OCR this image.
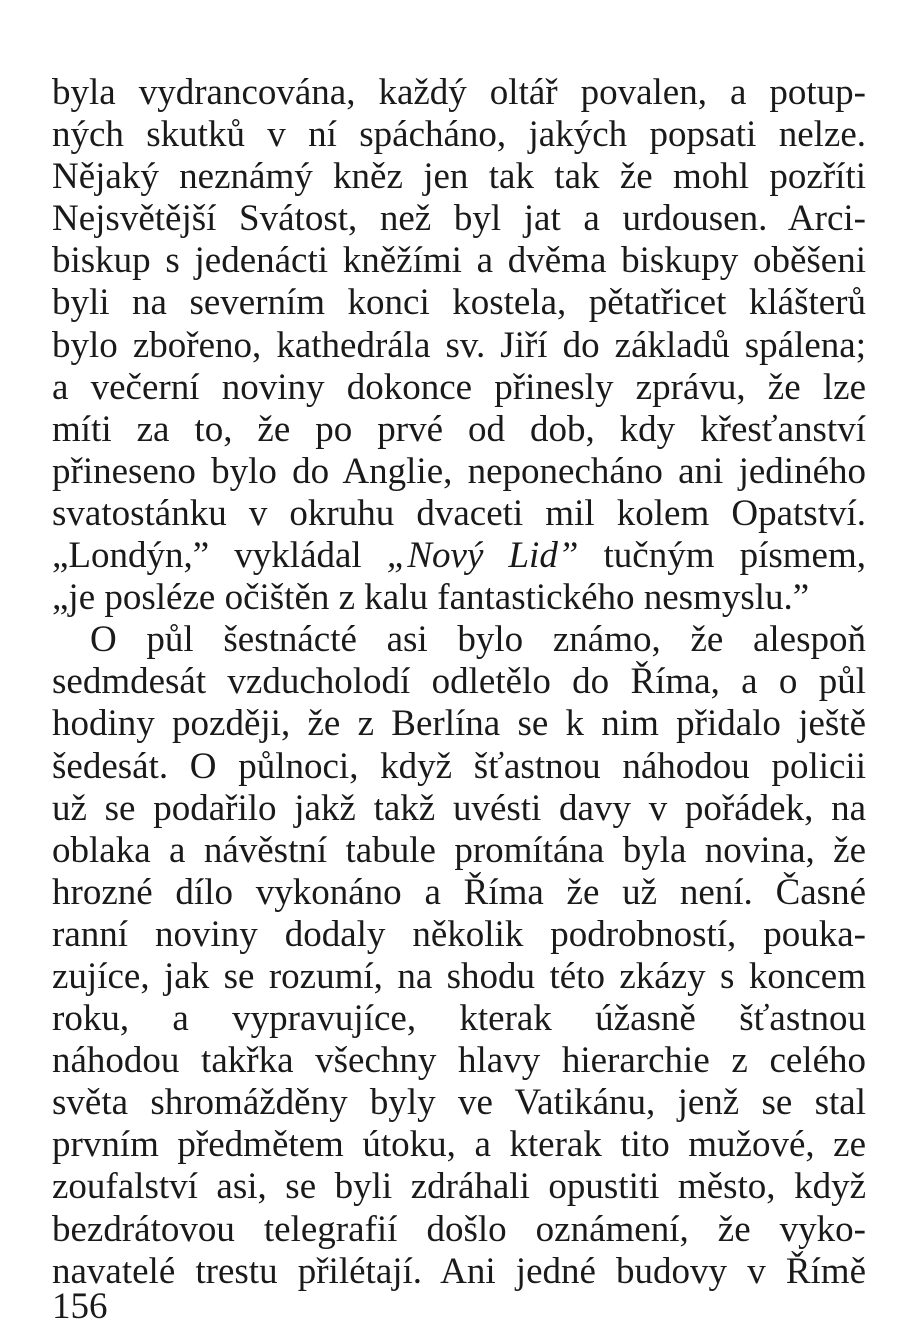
byla vydrancována, každý oltář povalen, a potup-
ných skutků v ní spácháno, jakých popsati nelze.
Nějaký neznámý kněz jen tak tak že mohl pozříti
Nejsvětější Svátost, než byl jat a urdousen. Arci-
biskup s jedenácti kněžími a dvěma biskupy oběšeni
byli na severním konci kostela, pětatřicet klášterů
bylo zbořeno, kathedrála sv. Jiří do základů spálena;
a večerní noviny dokonce přinesly zprávu, že lze
míti za to, že po prvé od dob, kdy křesťanství
přineseno bylo do Anglie, neponecháno ani jediného
svatostánku v okruhu dvaceti mil kolem Opatství.
„Londýn,” vykládal „Nový Lid” tučným písmem,
„je posléze očištěn z kalu fantastického nesmyslu.”
O půl šestnácté asi bylo známo, že alespoň
sedmdesát vzducholodí odletělo do Říma, a o půl
hodiny později, že z Berlína se k nim přidalo ještě
šedesát. O půlnoci, když šťastnou náhodou policii
už se podařilo jakž takž uvésti davy v pořádek, na
oblaka a návěstní tabule promítána byla novina, že
hrozné dílo vykonáno a Říma že už není. Časné
ranní noviny dodaly několik podrobností, pouka-
zujíce, jak se rozumí, na shodu této zkázy s koncem
roku, a vypravujíce, kterak úžasně šťastnou
náhodou takřka všechny hlavy hierarchie z celého
světa shromážděny byly ve Vatikánu, jenž se stal
prvním předmětem útoku, a kterak tito mužové, ze
zoufalství asi, se byli zdráhali opustiti město, když
bezdrátovou telegrafií došlo oznámení, že vyko-
navatelé trestu přilétají. Ani jedné budovy v Římě
156
